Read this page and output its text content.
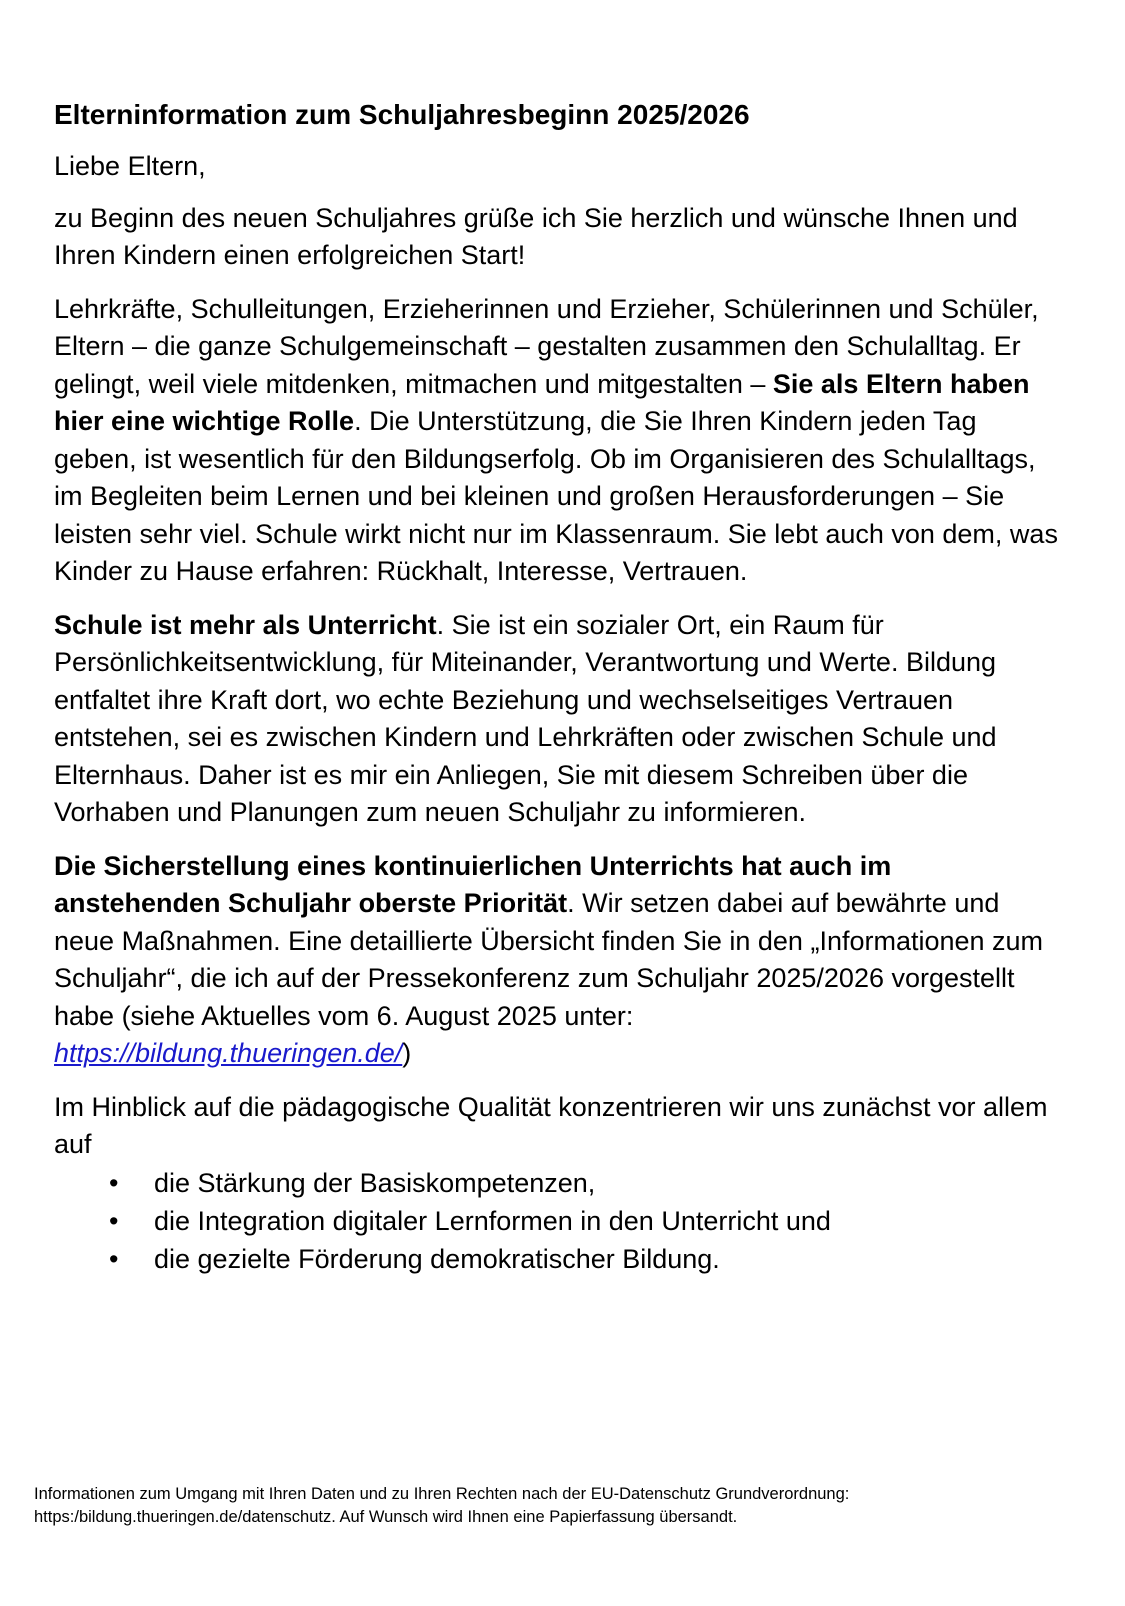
Elterninformation zum Schuljahresbeginn 2025/2026

Liebe Eltern,

zu Beginn des neuen Schuljahres grüße ich Sie herzlich und wünsche Ihnen und Ihren Kindern einen erfolgreichen Start!

Lehrkräfte, Schulleitungen, Erzieherinnen und Erzieher, Schülerinnen und Schüler, Eltern – die ganze Schulgemeinschaft – gestalten zusammen den Schulalltag. Er gelingt, weil viele mitdenken, mitmachen und mitgestalten – Sie als Eltern haben hier eine wichtige Rolle. Die Unterstützung, die Sie Ihren Kindern jeden Tag geben, ist wesentlich für den Bildungserfolg. Ob im Organisieren des Schulalltags, im Begleiten beim Lernen und bei kleinen und großen Herausforderungen – Sie leisten sehr viel. Schule wirkt nicht nur im Klassenraum. Sie lebt auch von dem, was Kinder zu Hause erfahren: Rückhalt, Interesse, Vertrauen.

Schule ist mehr als Unterricht. Sie ist ein sozialer Ort, ein Raum für Persönlichkeitsentwicklung, für Miteinander, Verantwortung und Werte. Bildung entfaltet ihre Kraft dort, wo echte Beziehung und wechselseitiges Vertrauen entstehen, sei es zwischen Kindern und Lehrkräften oder zwischen Schule und Elternhaus. Daher ist es mir ein Anliegen, Sie mit diesem Schreiben über die Vorhaben und Planungen zum neuen Schuljahr zu informieren.

Die Sicherstellung eines kontinuierlichen Unterrichts hat auch im anstehenden Schuljahr oberste Priorität. Wir setzen dabei auf bewährte und neue Maßnahmen. Eine detaillierte Übersicht finden Sie in den „Informationen zum Schuljahr“, die ich auf der Pressekonferenz zum Schuljahr 2025/2026 vorgestellt habe (siehe Aktuelles vom 6. August 2025 unter:
https://bildung.thueringen.de/)

Im Hinblick auf die pädagogische Qualität konzentrieren wir uns zunächst vor allem auf

• die Stärkung der Basiskompetenzen,
• die Integration digitaler Lernformen in den Unterricht und
• die gezielte Förderung demokratischer Bildung.
Informationen zum Umgang mit Ihren Daten und zu Ihren Rechten nach der EU-Datenschutz Grundverordnung:
https:/bildung.thueringen.de/datenschutz. Auf Wunsch wird Ihnen eine Papierfassung übersandt.
